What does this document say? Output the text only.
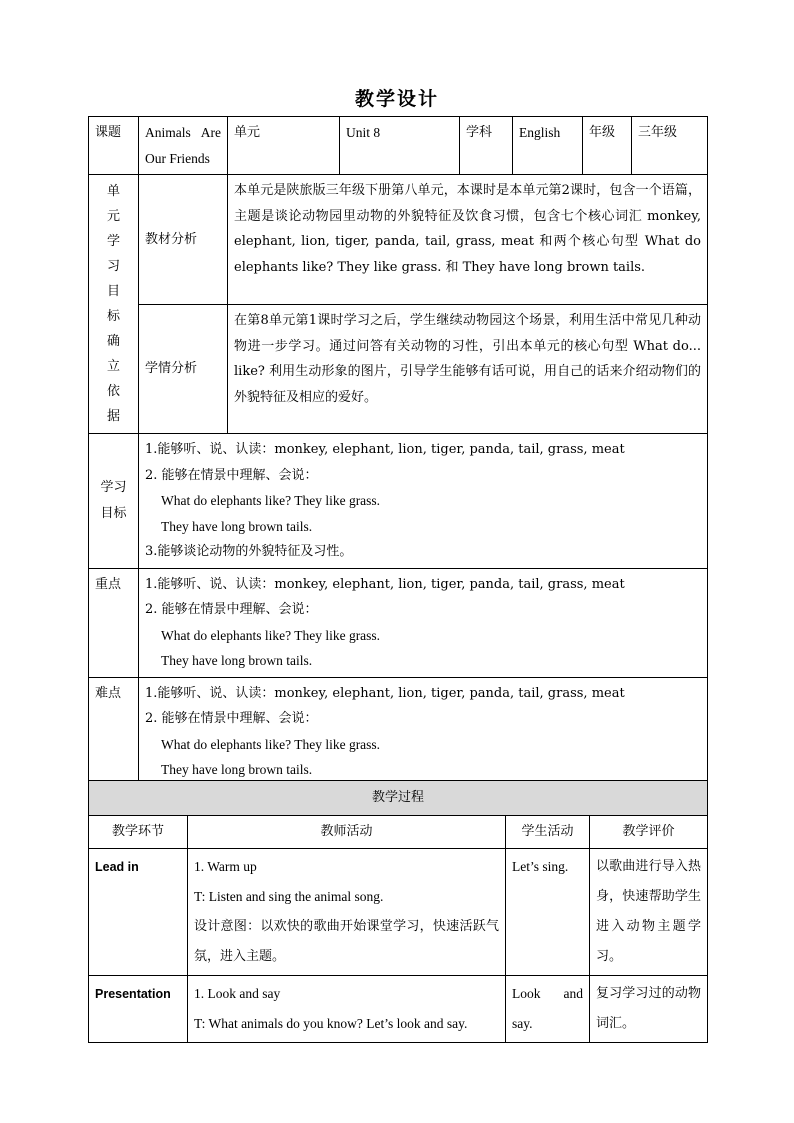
教学设计
课题	Animals Are Our Friends	单元	Unit 8	学科	English	年级	三年级

单元学习目标确立依据	教材分析	本单元是陕旅版三年级下册第八单元，本课时是本单元第2课时，包含一个语篇，主题是谈论动物园里动物的外貌特征及饮食习惯，包含七个核心词汇 monkey, elephant, lion, tiger, panda, tail, grass, meat 和两个核心句型 What do elephants like? They like grass. 和 They have long brown tails.					
	学情分析	在第8单元第1课时学习之后，学生继续动物园这个场景，利用生活中常见几种动物进一步学习。通过问答有关动物的习性，引出本单元的核心句型 What do... like? 利用生动形象的图片，引导学生能够有话可说，用自己的话来介绍动物们的外貌特征及相应的爱好。					

学习目标	1.能够听、说、认读：monkey, elephant, lion, tiger, panda, tail, grass, meat
2. 能够在情景中理解、会说：
What do elephants like? They like grass.
They have long brown tails.
3.能够谈论动物的外貌特征及习性。						

重点	1.能够听、说、认读：monkey, elephant, lion, tiger, panda, tail, grass, meat
2. 能够在情景中理解、会说：
What do elephants like? They like grass.
They have long brown tails.						

难点	1.能够听、说、认读：monkey, elephant, lion, tiger, panda, tail, grass, meat
2. 能够在情景中理解、会说：
What do elephants like? They like grass.
They have long brown tails.						
教学过程			
教学环节	教师活动	学生活动	教学评价
Lead in	1. Warm up
T: Listen and sing the animal song.
设计意图：以欢快的歌曲开始课堂学习，快速活跃气氛，进入主题。	Let’s sing.	以歌曲进行导入热身，快速帮助学生进入动物主题学习。
Presentation	1. Look and say
T: What animals do you know? Let’s look and say.	Look and say.	复习学习过的动物词汇。
